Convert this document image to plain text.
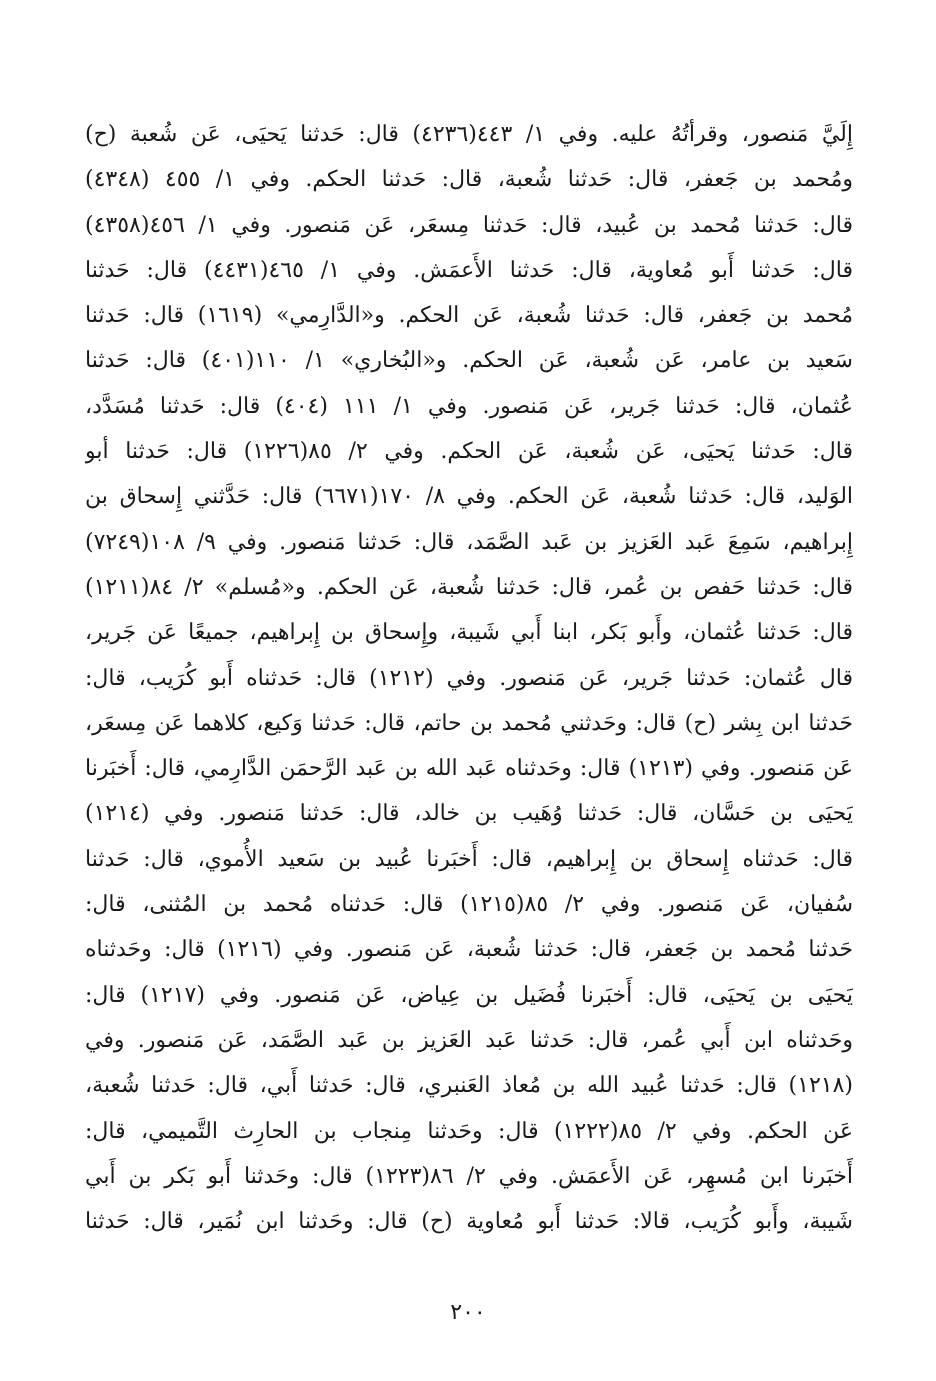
إِلَيَّ مَنصور، وقرأتُهُ عليه. وفي ١/ ٤٤٣(٤٢٣٦) قال: حَدثنا يَحيَى، عَن شُعبة (ح)
ومُحمد بن جَعفر، قال: حَدثنا شُعبة، قال: حَدثنا الحكم. وفي ١/ ٤٥٥ (٤٣٤٨)
قال: حَدثنا مُحمد بن عُبيد، قال: حَدثنا مِسعَر، عَن مَنصور. وفي ١/ ٤٥٦(٤٣٥٨)
قال: حَدثنا أَبو مُعاوية، قال: حَدثنا الأَعمَش. وفي ١/ ٤٦٥(٤٤٣١) قال: حَدثنا
مُحمد بن جَعفر، قال: حَدثنا شُعبة، عَن الحكم. و«الدَّارِمي» (١٦١٩) قال: حَدثنا
سَعيد بن عامر، عَن شُعبة، عَن الحكم. و«البُخاري» ١/ ١١٠(٤٠١) قال: حَدثنا
عُثمان، قال: حَدثنا جَرير، عَن مَنصور. وفي ١/ ١١١ (٤٠٤) قال: حَدثنا مُسَدَّد،
قال: حَدثنا يَحيَى، عَن شُعبة، عَن الحكم. وفي ٢/ ٨٥(١٢٢٦) قال: حَدثنا أبو
الوَليد، قال: حَدثنا شُعبة، عَن الحكم. وفي ٨/ ١٧٠(٦٦٧١) قال: حَدَّثني إِسحاق بن
إِبراهيم، سَمِعَ عَبد العَزيز بن عَبد الصَّمَد، قال: حَدثنا مَنصور. وفي ٩/ ١٠٨(٧٢٤٩)
قال: حَدثنا حَفص بن عُمر، قال: حَدثنا شُعبة، عَن الحكم. و«مُسلم» ٢/ ٨٤(١٢١١)
قال: حَدثنا عُثمان، وأَبو بَكر، ابنا أَبي شَيبة، وإِسحاق بن إِبراهيم، جميعًا عَن جَرير،
قال عُثمان: حَدثنا جَرير، عَن مَنصور. وفي (١٢١٢) قال: حَدثناه أَبو كُرَيب، قال:
حَدثنا ابن بِشر (ح) قال: وحَدثني مُحمد بن حاتم، قال: حَدثنا وَكيع، كلاهما عَن مِسعَر،
عَن مَنصور. وفي (١٢١٣) قال: وحَدثناه عَبد الله بن عَبد الرَّحمَن الدَّارِمي، قال: أَخبَرنا
يَحيَى بن حَسَّان، قال: حَدثنا وُهَيب بن خالد، قال: حَدثنا مَنصور. وفي (١٢١٤)
قال: حَدثناه إِسحاق بن إِبراهيم، قال: أَخبَرنا عُبيد بن سَعيد الأُموي، قال: حَدثنا
سُفيان، عَن مَنصور. وفي ٢/ ٨٥(١٢١٥) قال: حَدثناه مُحمد بن المُثنى، قال:
حَدثنا مُحمد بن جَعفر، قال: حَدثنا شُعبة، عَن مَنصور. وفي (١٢١٦) قال: وحَدثناه
يَحيَى بن يَحيَى، قال: أَخبَرنا فُضَيل بن عِياض، عَن مَنصور. وفي (١٢١٧) قال:
وحَدثناه ابن أَبي عُمر، قال: حَدثنا عَبد العَزيز بن عَبد الصَّمَد، عَن مَنصور. وفي
(١٢١٨) قال: حَدثنا عُبيد الله بن مُعاذ العَنبري، قال: حَدثنا أَبي، قال: حَدثنا شُعبة،
عَن الحكم. وفي ٢/ ٨٥(١٢٢٢) قال: وحَدثنا مِنجاب بن الحارِث التَّميمي، قال:
أَخبَرنا ابن مُسهِر، عَن الأَعمَش. وفي ٢/ ٨٦(١٢٢٣) قال: وحَدثنا أَبو بَكر بن أَبي
شَيبة، وأَبو كُرَيب، قالا: حَدثنا أَبو مُعاوية (ح) قال: وحَدثنا ابن نُمَير، قال: حَدثنا
٢٠٠
